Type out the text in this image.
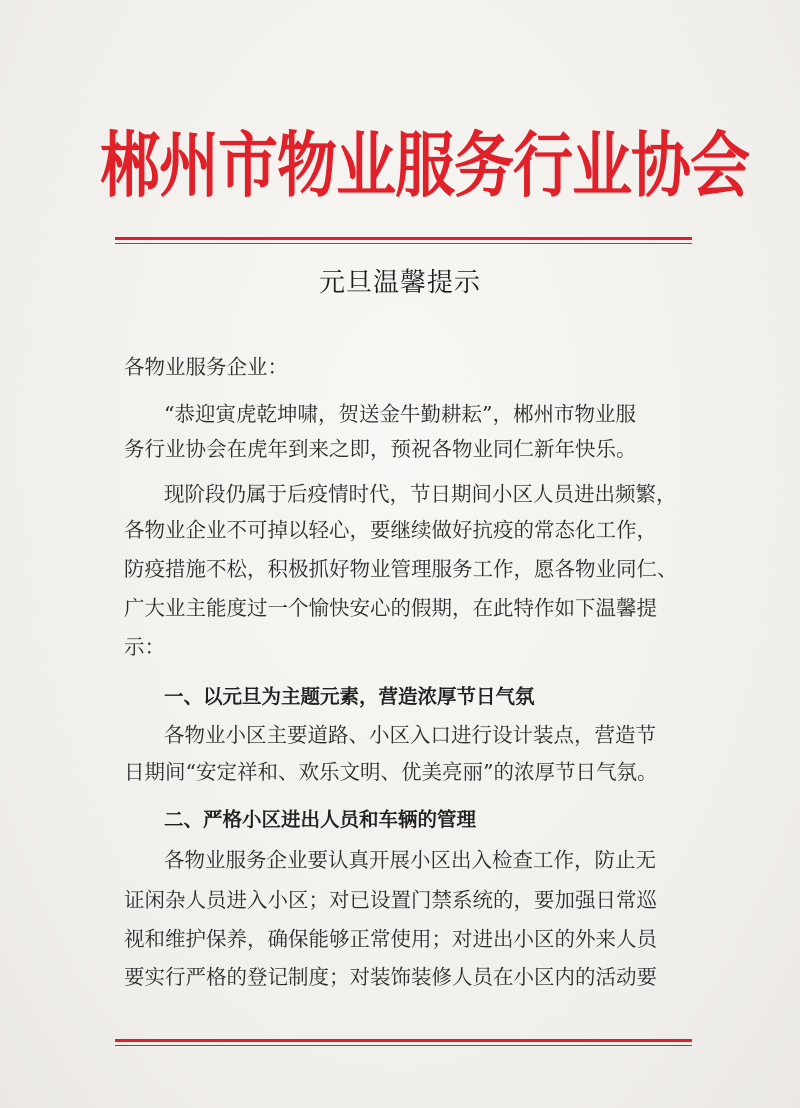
郴州市物业服务行业协会
元旦温馨提示
各物业服务企业：
“恭迎寅虎乾坤啸，贺送金牛勤耕耘”，郴州市物业服
务行业协会在虎年到来之即，预祝各物业同仁新年快乐。
现阶段仍属于后疫情时代，节日期间小区人员进出频繁，
各物业企业不可掉以轻心，要继续做好抗疫的常态化工作，
防疫措施不松，积极抓好物业管理服务工作，愿各物业同仁、
广大业主能度过一个愉快安心的假期，在此特作如下温馨提
示：
一、以元旦为主题元素，营造浓厚节日气氛
各物业小区主要道路、小区入口进行设计装点，营造节
日期间“安定祥和、欢乐文明、优美亮丽”的浓厚节日气氛。
二、严格小区进出人员和车辆的管理
各物业服务企业要认真开展小区出入检查工作，防止无
证闲杂人员进入小区；对已设置门禁系统的，要加强日常巡
视和维护保养，确保能够正常使用；对进出小区的外来人员
要实行严格的登记制度；对装饰装修人员在小区内的活动要
